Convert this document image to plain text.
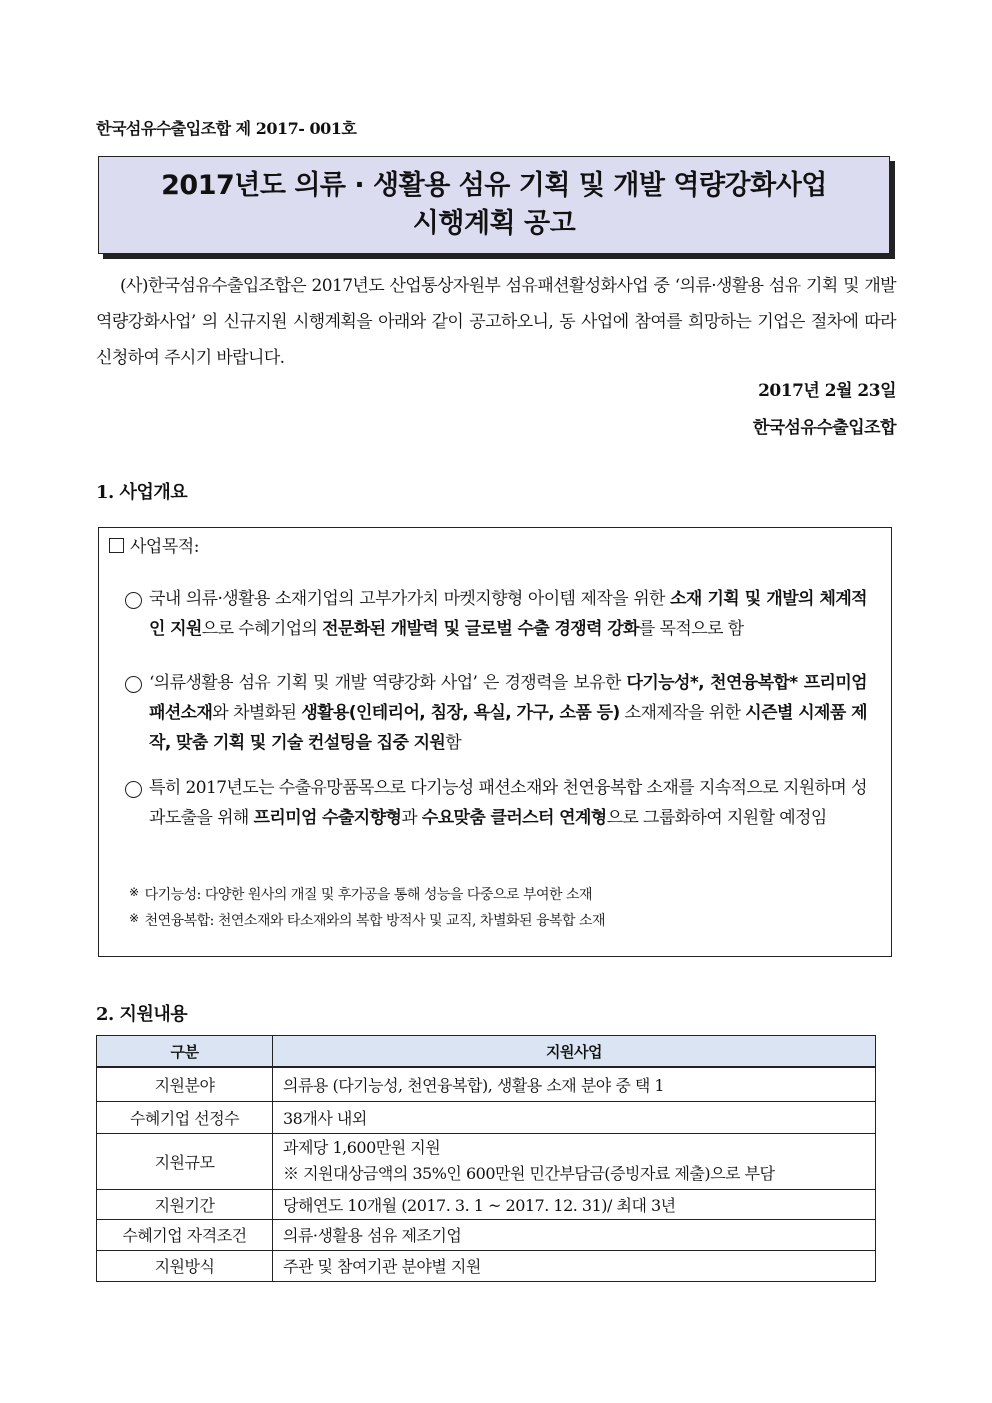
한국섬유수출입조합 제 2017- 001호
2017년도 의류 · 생활용 섬유 기획 및 개발 역량강화사업
시행계획 공고

(사)한국섬유수출입조합은 2017년도 산업통상자원부 섬유패션활성화사업 중 ‘의류·생활용 섬유 기획 및 개발 역량강화사업’ 의 신규지원 시행계획을 아래와 같이 공고하오니, 동 사업에 참여를 희망하는 기업은 절차에 따라 신청하여 주시기 바랍니다.

2017년 2월 23일
한국섬유수출입조합
1. 사업개요
사업목적:
국내 의류·생활용 소재기업의 고부가가치 마켓지향형 아이템 제작을 위한 소재 기획 및 개발의 체계적인 지원으로 수혜기업의 전문화된 개발력 및 글로벌 수출 경쟁력 강화를 목적으로 함
‘의류생활용 섬유 기획 및 개발 역량강화 사업’ 은 경쟁력을 보유한 다기능성*, 천연융복합* 프리미엄 패션소재와 차별화된 생활용(인테리어, 침장, 욕실, 가구, 소품 등) 소재제작을 위한 시즌별 시제품 제작, 맞춤 기획 및 기술 컨설팅을 집중 지원함
특히 2017년도는 수출유망품목으로 다기능성 패션소재와 천연융복합 소재를 지속적으로 지원하며 성과도출을 위해 프리미엄 수출지향형과 수요맞춤 클러스터 연계형으로 그룹화하여 지원할 예정임
※ 다기능성: 다양한 원사의 개질 및 후가공을 통해 성능을 다중으로 부여한 소재
※ 천연융복합: 천연소재와 타소재와의 복합 방적사 및 교직, 차별화된 융복합 소재
2. 지원내용
구분	지원사업
지원분야	의류용 (다기능성, 천연융복합), 생활용 소재 분야 중 택 1
수혜기업 선정수	38개사 내외
지원규모	과제당 1,600만원 지원
※ 지원대상금액의 35%인 600만원 민간부담금(증빙자료 제출)으로 부담

지원기간	당해연도 10개월 (2017. 3. 1 ~ 2017. 12. 31)/ 최대 3년
수혜기업 자격조건	의류·생활용 섬유 제조기업
지원방식	주관 및 참여기관 분야별 지원
